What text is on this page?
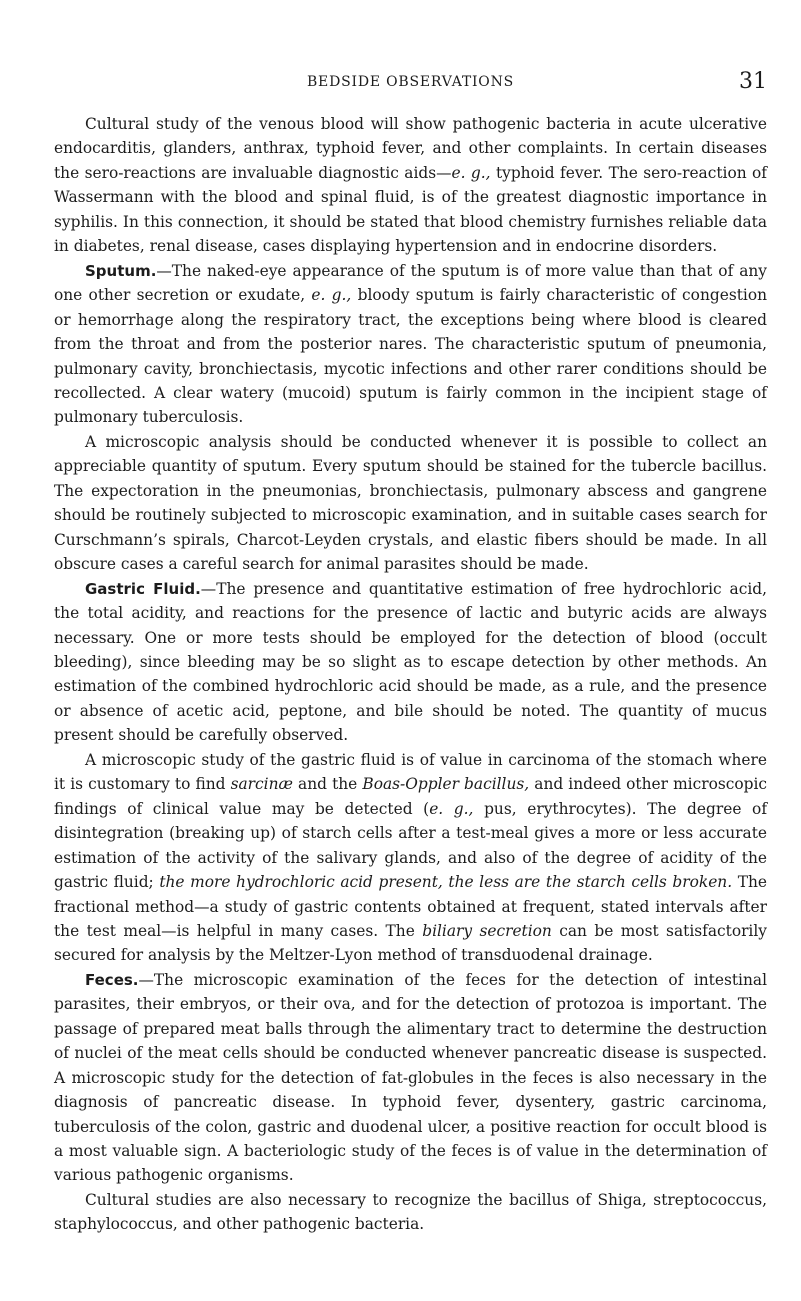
BEDSIDE OBSERVATIONS	31

Cultural study of the venous blood will show pathogenic bacteria in acute ulcerative endocarditis, glanders, anthrax, typhoid fever, and other complaints. In certain diseases the sero-reactions are invaluable diagnostic aids—e. g., typhoid fever. The sero-reaction of Wassermann with the blood and spinal fluid, is of the greatest diagnostic importance in syphilis. In this connection, it should be stated that blood chemistry furnishes reliable data in diabetes, renal disease, cases displaying hypertension and in endocrine disorders.

Sputum.—The naked-eye appearance of the sputum is of more value than that of any one other secretion or exudate, e. g., bloody sputum is fairly characteristic of congestion or hemorrhage along the respiratory tract, the exceptions being where blood is cleared from the throat and from the posterior nares. The characteristic sputum of pneumonia, pulmonary cavity, bronchiectasis, mycotic infections and other rarer conditions should be recollected. A clear watery (mucoid) sputum is fairly common in the incipient stage of pulmonary tuberculosis.

A microscopic analysis should be conducted whenever it is possible to collect an appreciable quantity of sputum. Every sputum should be stained for the tubercle bacillus. The expectoration in the pneumonias, bronchiectasis, pulmonary abscess and gangrene should be routinely subjected to microscopic examination, and in suitable cases search for Curschmann’s spirals, Charcot-Leyden crystals, and elastic fibers should be made. In all obscure cases a careful search for animal parasites should be made.

Gastric Fluid.—The presence and quantitative estimation of free hydrochloric acid, the total acidity, and reactions for the presence of lactic and butyric acids are always necessary. One or more tests should be employed for the detection of blood (occult bleeding), since bleeding may be so slight as to escape detection by other methods. An estimation of the combined hydrochloric acid should be made, as a rule, and the presence or absence of acetic acid, peptone, and bile should be noted. The quantity of mucus present should be carefully observed.

A microscopic study of the gastric fluid is of value in carcinoma of the stomach where it is customary to find sarcinæ and the Boas-Oppler bacillus, and indeed other microscopic findings of clinical value may be detected (e. g., pus, erythrocytes). The degree of disintegration (breaking up) of starch cells after a test-meal gives a more or less accurate estimation of the activity of the salivary glands, and also of the degree of acidity of the gastric fluid; the more hydrochloric acid present, the less are the starch cells broken. The fractional method—a study of gastric contents obtained at frequent, stated intervals after the test meal—is helpful in many cases. The biliary secretion can be most satisfactorily secured for analysis by the Meltzer-Lyon method of transduodenal drainage.

Feces.—The microscopic examination of the feces for the detection of intestinal parasites, their embryos, or their ova, and for the detection of protozoa is important. The passage of prepared meat balls through the alimentary tract to determine the destruction of nuclei of the meat cells should be conducted whenever pancreatic disease is suspected. A microscopic study for the detection of fat-globules in the feces is also necessary in the diagnosis of pancreatic disease. In typhoid fever, dysentery, gastric carcinoma, tuberculosis of the colon, gastric and duodenal ulcer, a positive reaction for occult blood is a most valuable sign. A bacteriologic study of the feces is of value in the determination of various pathogenic organisms.

Cultural studies are also necessary to recognize the bacillus of Shiga, streptococcus, staphylococcus, and other pathogenic bacteria.
